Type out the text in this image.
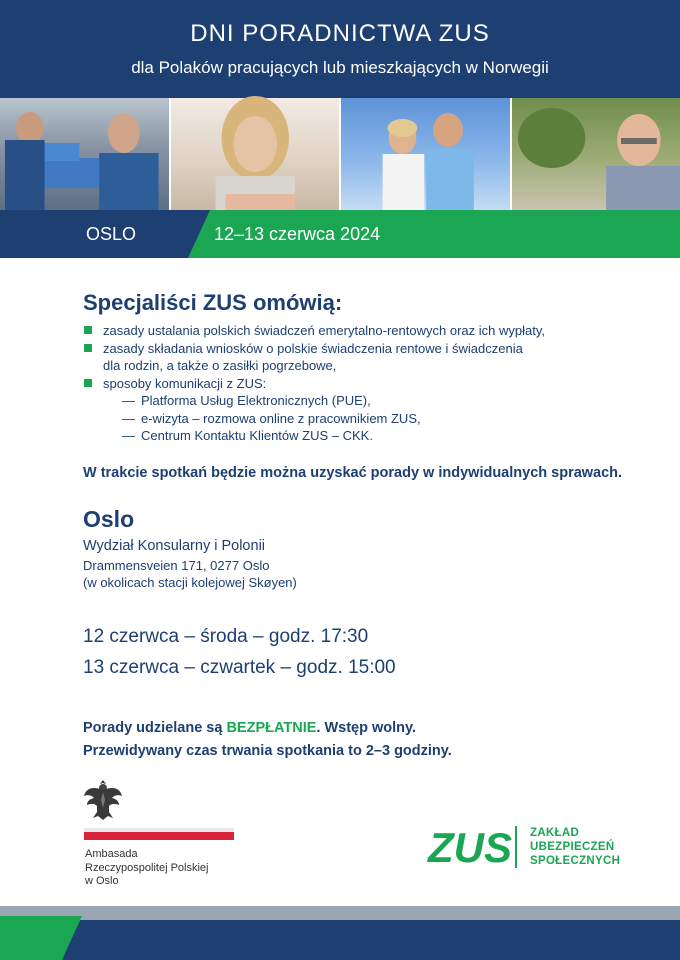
DNI PORADNICTWA ZUS
dla Polaków pracujących lub mieszkających w Norwegii
OSLO	12–13 czerwca 2024
Specjaliści ZUS omówią:
zasady ustalania polskich świadczeń emerytalno-rentowych oraz ich wypłaty,
zasady składania wniosków o polskie świadczenia rentowe i świadczenia
dla rodzin, a także o zasiłki pogrzebowe,
sposoby komunikacji z ZUS:
— Platforma Usług Elektronicznych (PUE),
— e-wizyta – rozmowa online z pracownikiem ZUS,
— Centrum Kontaktu Klientów ZUS – CKK.
W trakcie spotkań będzie można uzyskać porady w indywidualnych sprawach.
Oslo
Wydział Konsularny i Polonii
Drammensveien 171, 0277 Oslo
(w okolicach stacji kolejowej Skøyen)
12 czerwca – środa – godz. 17:30
13 czerwca – czwartek – godz. 15:00
Porady udzielane są BEZPŁATNIE. Wstęp wolny.
Przewidywany czas trwania spotkania to 2–3 godziny.
Ambasada
Rzeczypospolitej Polskiej
w Oslo
ZUS ZAKŁAD
UBEZPIECZEŃ
SPOŁECZNYCH
